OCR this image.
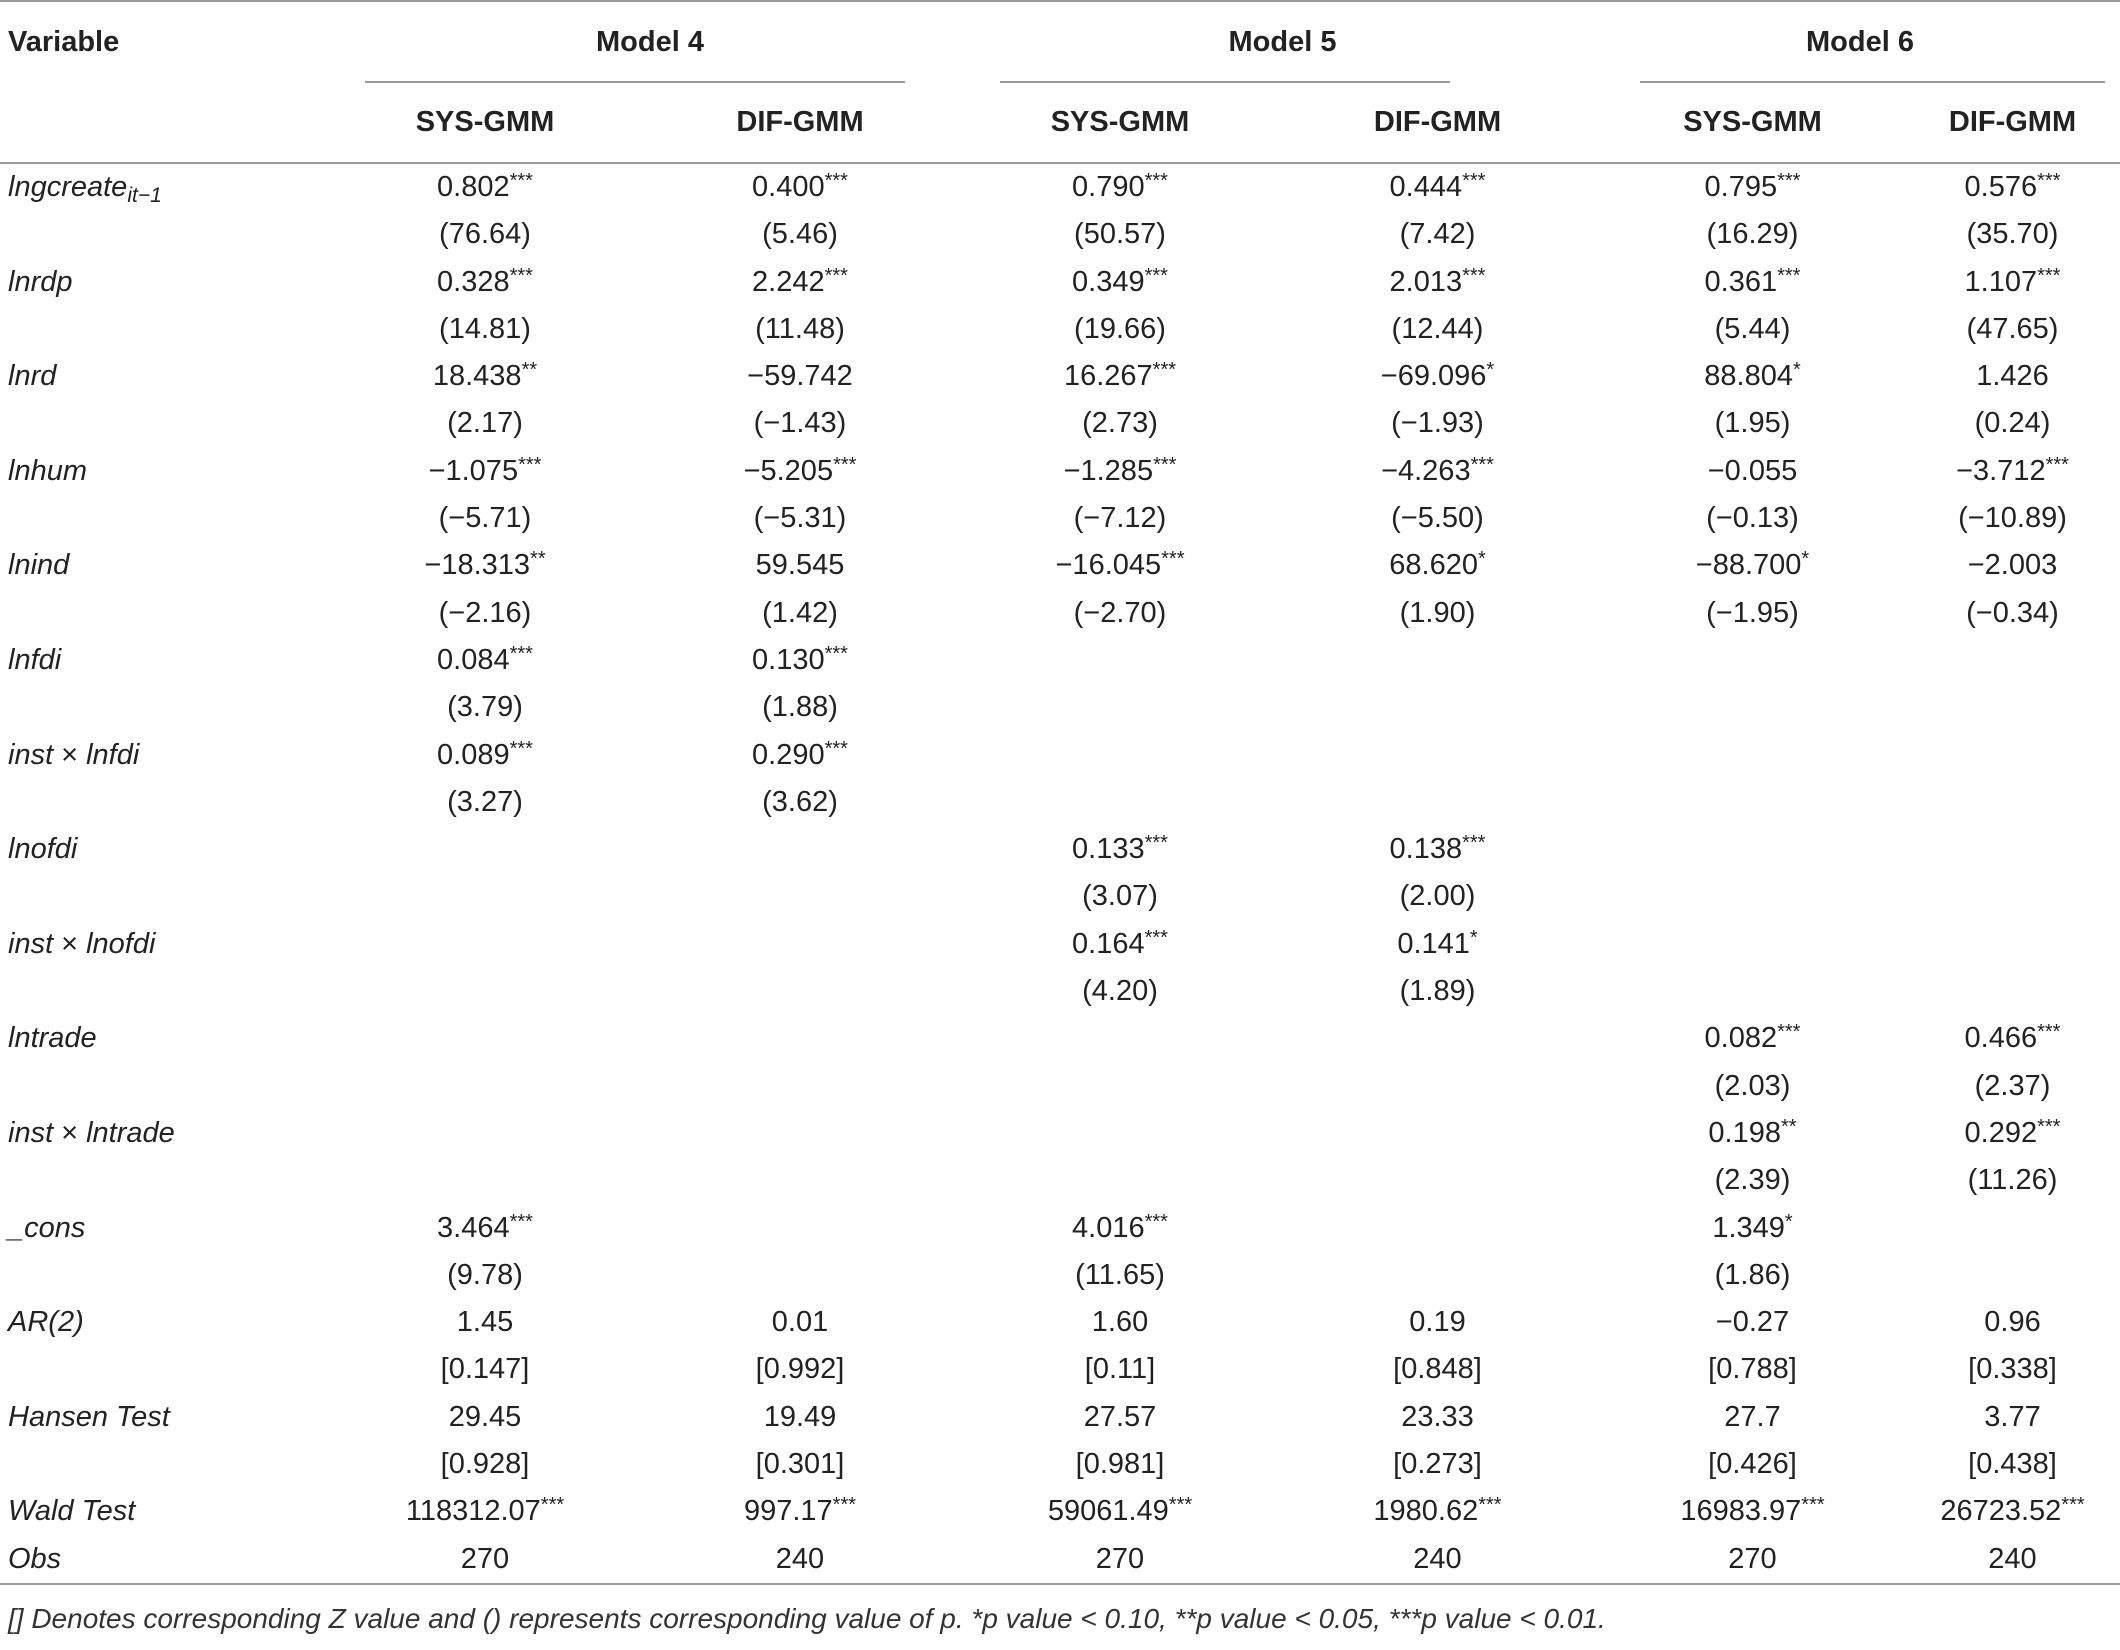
Variable	Model 4		Model 5		Model 6	

	SYS-GMM	DIF-GMM	SYS-GMM	DIF-GMM	SYS-GMM	DIF-GMM
lngcreate$_{it-1}$	0.802***	0.400***	0.790***	0.444***	0.795***	0.576***
	(76.64)	(5.46)	(50.57)	(7.42)	(16.29)	(35.70)
lnrdp	0.328***	2.242***	0.349***	2.013***	0.361***	1.107***
	(14.81)	(11.48)	(19.66)	(12.44)	(5.44)	(47.65)
lnrd	18.438**	−59.742	16.267***	−69.096*	88.804*	1.426
	(2.17)	(−1.43)	(2.73)	(−1.93)	(1.95)	(0.24)
lnhum	−1.075***	−5.205***	−1.285***	−4.263***	−0.055	−3.712***
	(−5.71)	(−5.31)	(−7.12)	(−5.50)	(−0.13)	(−10.89)
lnind	−18.313**	59.545	−16.045***	68.620*	−88.700*	−2.003
	(−2.16)	(1.42)	(−2.70)	(1.90)	(−1.95)	(−0.34)
lnfdi	0.084***	0.130***				
	(3.79)	(1.88)				
inst × lnfdi	0.089***	0.290***				
	(3.27)	(3.62)				
lnofdi			0.133***	0.138***		
			(3.07)	(2.00)		
inst × lnofdi			0.164***	0.141*		
			(4.20)	(1.89)		
lntrade					0.082***	0.466***
					(2.03)	(2.37)
inst × lntrade					0.198**	0.292***
					(2.39)	(11.26)
_cons	3.464***		4.016***		1.349*	
	(9.78)		(11.65)		(1.86)	
AR(2)	1.45	0.01	1.60	0.19	−0.27	0.96
	[0.147]	[0.992]	[0.11]	[0.848]	[0.788]	[0.338]
Hansen Test	29.45	19.49	27.57	23.33	27.7	3.77
	[0.928]	[0.301]	[0.981]	[0.273]	[0.426]	[0.438]
Wald Test	118312.07***	997.17***	59061.49***	1980.62***	16983.97***	26723.52***
Obs	270	240	270	240	270	240
[] Denotes corresponding Z value and () represents corresponding value of p. *p value < 0.10, **p value < 0.05, ***p value < 0.01.
